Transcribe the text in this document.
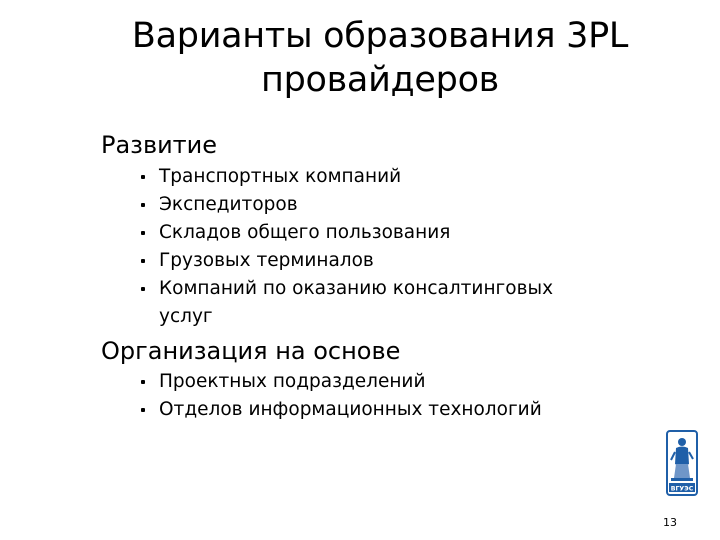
Варианты образования 3PL провайдеров
Развитие
Транспортных компаний
Экспедиторов
Складов общего пользования
Грузовых терминалов
Компаний по оказанию консалтинговых услуг
Организация на основе
Проектных подразделений
Отделов информационных технологий
ВГУЭС
13
